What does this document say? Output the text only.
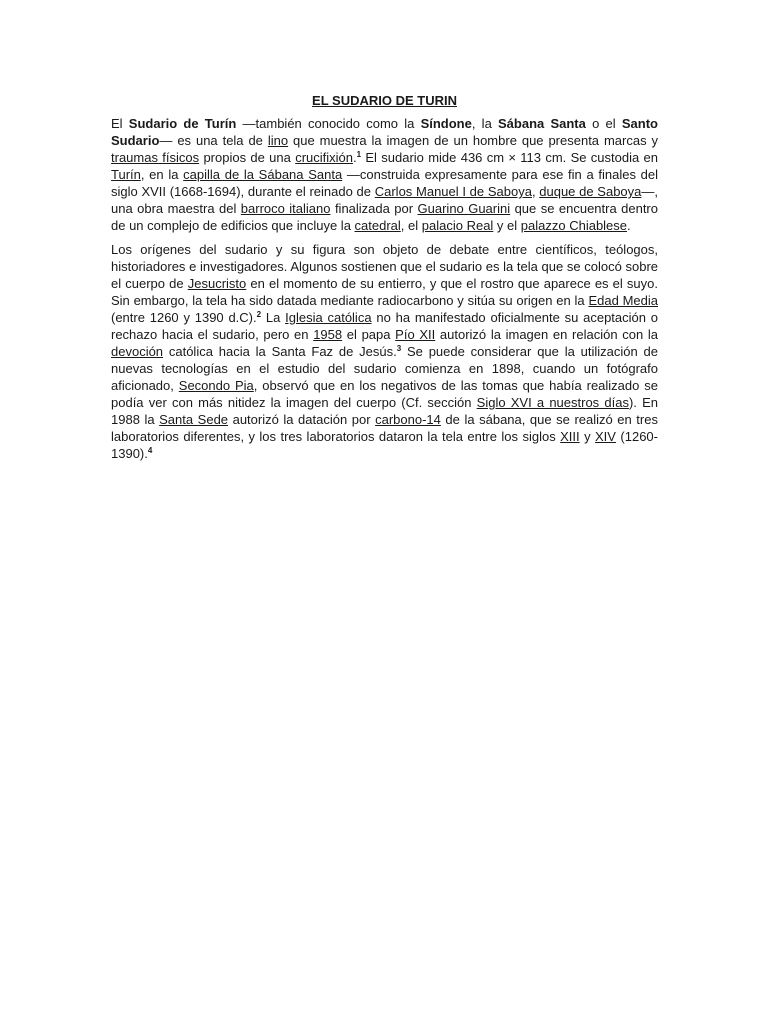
EL SUDARIO DE TURIN

El Sudario de Turín —también conocido como la Síndone, la Sábana Santa o el Santo Sudario— es una tela de lino que muestra la imagen de un hombre que presenta marcas y traumas físicos propios de una crucifixión.$^1$ El sudario mide 436 cm × 113 cm. Se custodia en Turín, en la capilla de la Sábana Santa —construida expresamente para ese fin a finales del siglo XVII (1668-1694), durante el reinado de Carlos Manuel I de Saboya, duque de Saboya—, una obra maestra del barroco italiano finalizada por Guarino Guarini que se encuentra dentro de un complejo de edificios que incluye la catedral, el palacio Real y el palazzo Chiablese.

Los orígenes del sudario y su figura son objeto de debate entre científicos, teólogos, historiadores e investigadores. Algunos sostienen que el sudario es la tela que se colocó sobre el cuerpo de Jesucristo en el momento de su entierro, y que el rostro que aparece es el suyo. Sin embargo, la tela ha sido datada mediante radiocarbono y sitúa su origen en la Edad Media (entre 1260 y 1390 d.C).$^2$ La Iglesia católica no ha manifestado oficialmente su aceptación o rechazo hacia el sudario, pero en 1958 el papa Pío XII autorizó la imagen en relación con la devoción católica hacia la Santa Faz de Jesús.$^3$ Se puede considerar que la utilización de nuevas tecnologías en el estudio del sudario comienza en 1898, cuando un fotógrafo aficionado, Secondo Pia, observó que en los negativos de las tomas que había realizado se podía ver con más nitidez la imagen del cuerpo (Cf. sección Siglo XVI a nuestros días). En 1988 la Santa Sede autorizó la datación por carbono-14 de la sábana, que se realizó en tres laboratorios diferentes, y los tres laboratorios dataron la tela entre los siglos XIII y XIV (1260-1390).$^4$
